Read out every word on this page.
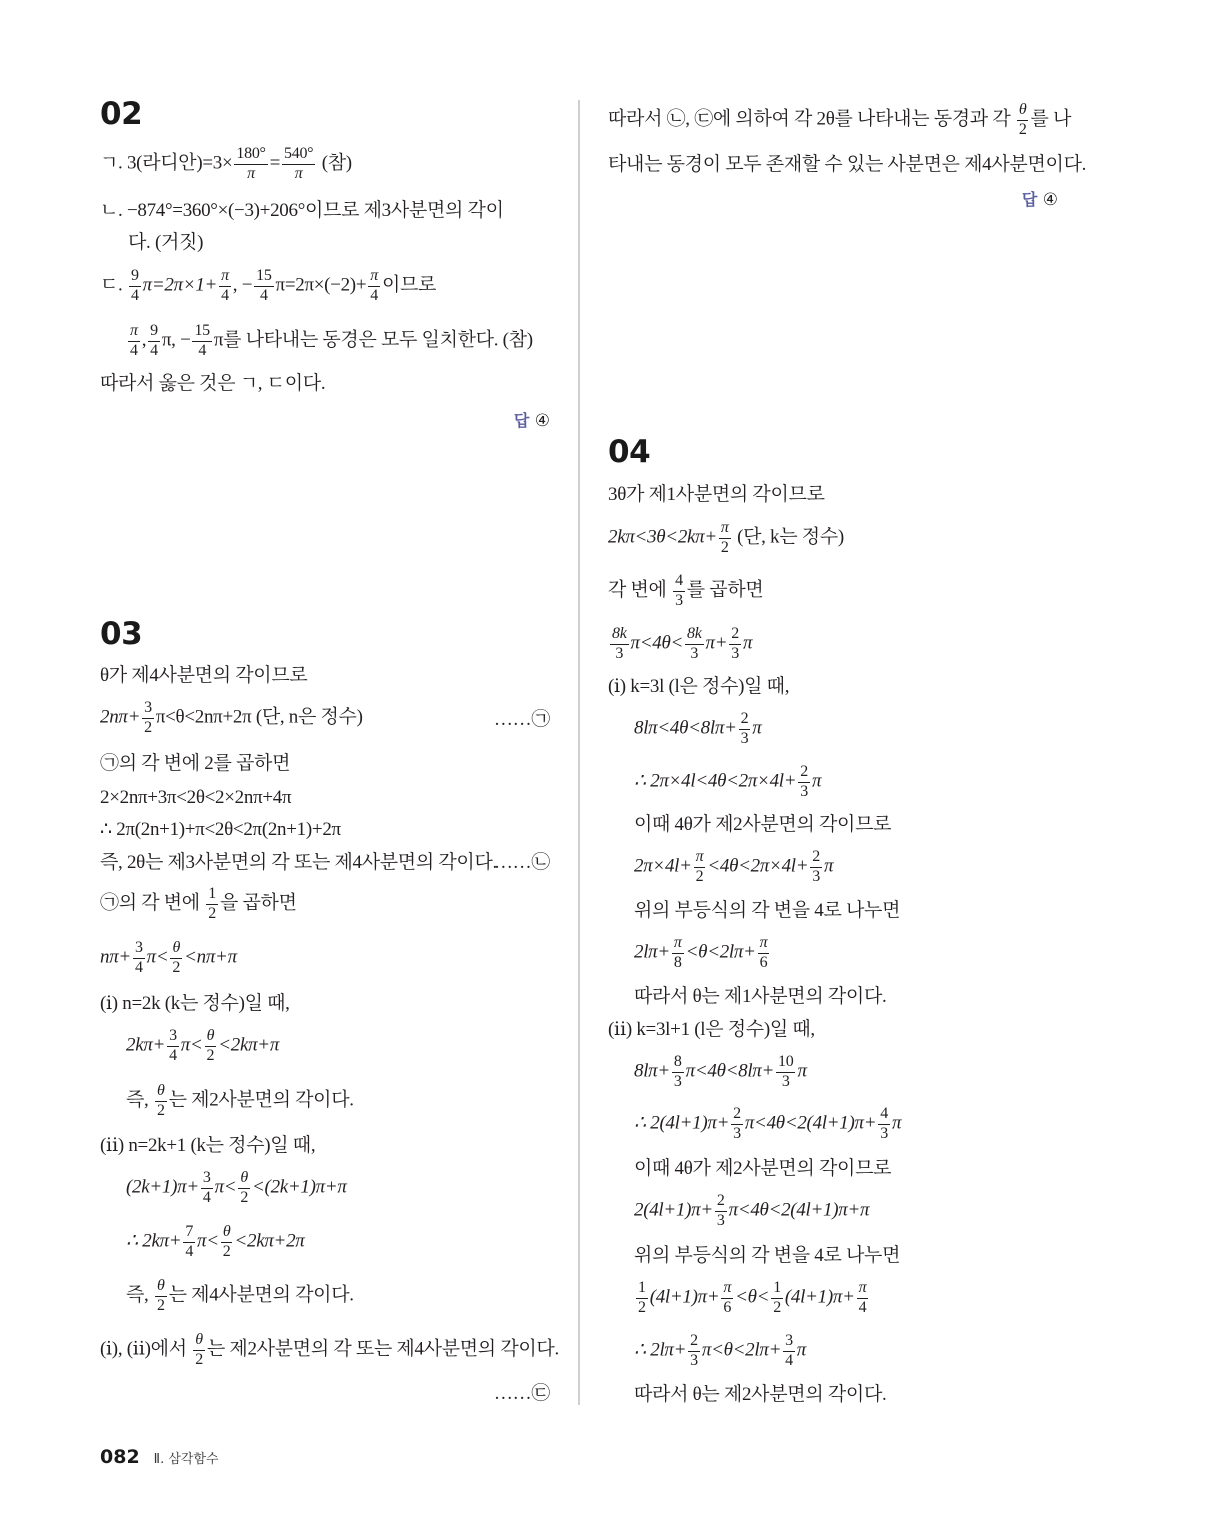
02
ㄱ. 3(라디안)$=3\times \frac{180^\circ}{\pi} = \frac{540^\circ}{\pi}$ (참)
ㄴ. −874°=360°×(−3)+206°이므로 제3사분면의 각이
다. (거짓)
ㄷ. $\frac{9}{4} \pi=2\pi\times 1+ \frac{\pi}{4}$ , − $\frac{15}{4} \pi=2\pi\times(-2)+ \frac{\pi}{4}$ 이므로
$\frac{\pi}{4}$ , $\frac{9}{4} \pi$, − $\frac{15}{4}$ π를 나타내는 동경은 모두 일치한다. (참)
따라서 옳은 것은 ㄱ, ㄷ이다.
답 ④
03
θ가 제4사분면의 각이므로
$2n\pi+ \frac{3}{2} \pi<\theta<2n\pi+2\pi$ (단, n은 정수)	……㉠
㉠의 각 변에 2를 곱하면
2×2nπ+3π<2θ<2×2nπ+4π
∴ 2π(2n+1)+π<2θ<2π(2n+1)+2π
즉, 2θ는 제3사분면의 각 또는 제4사분면의 각이다.
……㉡
㉠의 각 변에 $\frac{1}{2}$ 을 곱하면
$n\pi+ \frac{3}{4} \pi< \frac{\theta}{2} <n\pi+\pi$
(ⅰ) n=2k (k는 정수)일 때,
$2k\pi+ \frac{3}{4} \pi< \frac{\theta}{2} <2k\pi+\pi$
즉, $\frac{\theta}{2}$ 는 제2사분면의 각이다.
(ⅱ) n=2k+1 (k는 정수)일 때,
$(2k+1)\pi+ \frac{3}{4} \pi< \frac{\theta}{2} <(2k+1)\pi+\pi$
∴ $2k\pi+ \frac{7}{4} \pi< \frac{\theta}{2} <2k\pi+2\pi$
즉, $\frac{\theta}{2}$ 는 제4사분면의 각이다.
(ⅰ), (ⅱ)에서 $\frac{\theta}{2}$ 는 제2사분면의 각 또는 제4사분면의 각이다.
……㉢
따라서 ㉡, ㉢에 의하여 각 2θ를 나타내는 동경과 각 $\frac{\theta}{2}$ 를 나
타내는 동경이 모두 존재할 수 있는 사분면은 제4사분면이다.
답 ④
04
3θ가 제1사분면의 각이므로
$2k\pi<3\theta<2k\pi+ \frac{\pi}{2}$ (단, k는 정수)
각 변에 $\frac{4}{3}$ 를 곱하면
$\frac{8k}{3} \pi<4\theta< \frac{8k}{3} \pi+ \frac{2}{3}$ π
(ⅰ) k=3l (l은 정수)일 때,
$8l\pi<4\theta<8l\pi+ \frac{2}{3}$ π
∴ $2\pi\times 4l<4\theta<2\pi\times 4l+ \frac{2}{3}$ π
이때 4θ가 제2사분면의 각이므로
$2\pi\times 4l+ \frac{\pi}{2} <4\theta<2\pi\times 4l+ \frac{2}{3}$ π
위의 부등식의 각 변을 4로 나누면
$2l\pi+ \frac{\pi}{8} <\theta<2l\pi+ \frac{\pi}{6}$
따라서 θ는 제1사분면의 각이다.
(ⅱ) k=3l+1 (l은 정수)일 때,
$8l\pi+ \frac{8}{3} \pi<4\theta<8l\pi+ \frac{10}{3}$ π
∴ $2(4l+1)\pi+ \frac{2}{3} \pi<4\theta<2(4l+1)\pi+ \frac{4}{3}$ π
이때 4θ가 제2사분면의 각이므로
$2(4l+1)\pi+ \frac{2}{3} \pi<4\theta<2(4l+1)\pi+\pi$
위의 부등식의 각 변을 4로 나누면
$\frac{1}{2} (4l+1)\pi+ \frac{\pi}{6} <\theta< \frac{1}{2} (4l+1)\pi+ \frac{\pi}{4}$
∴ $2l\pi+ \frac{2}{3} \pi<\theta<2l\pi+ \frac{3}{4}$ π
따라서 θ는 제2사분면의 각이다.
082 Ⅱ. 삼각함수
